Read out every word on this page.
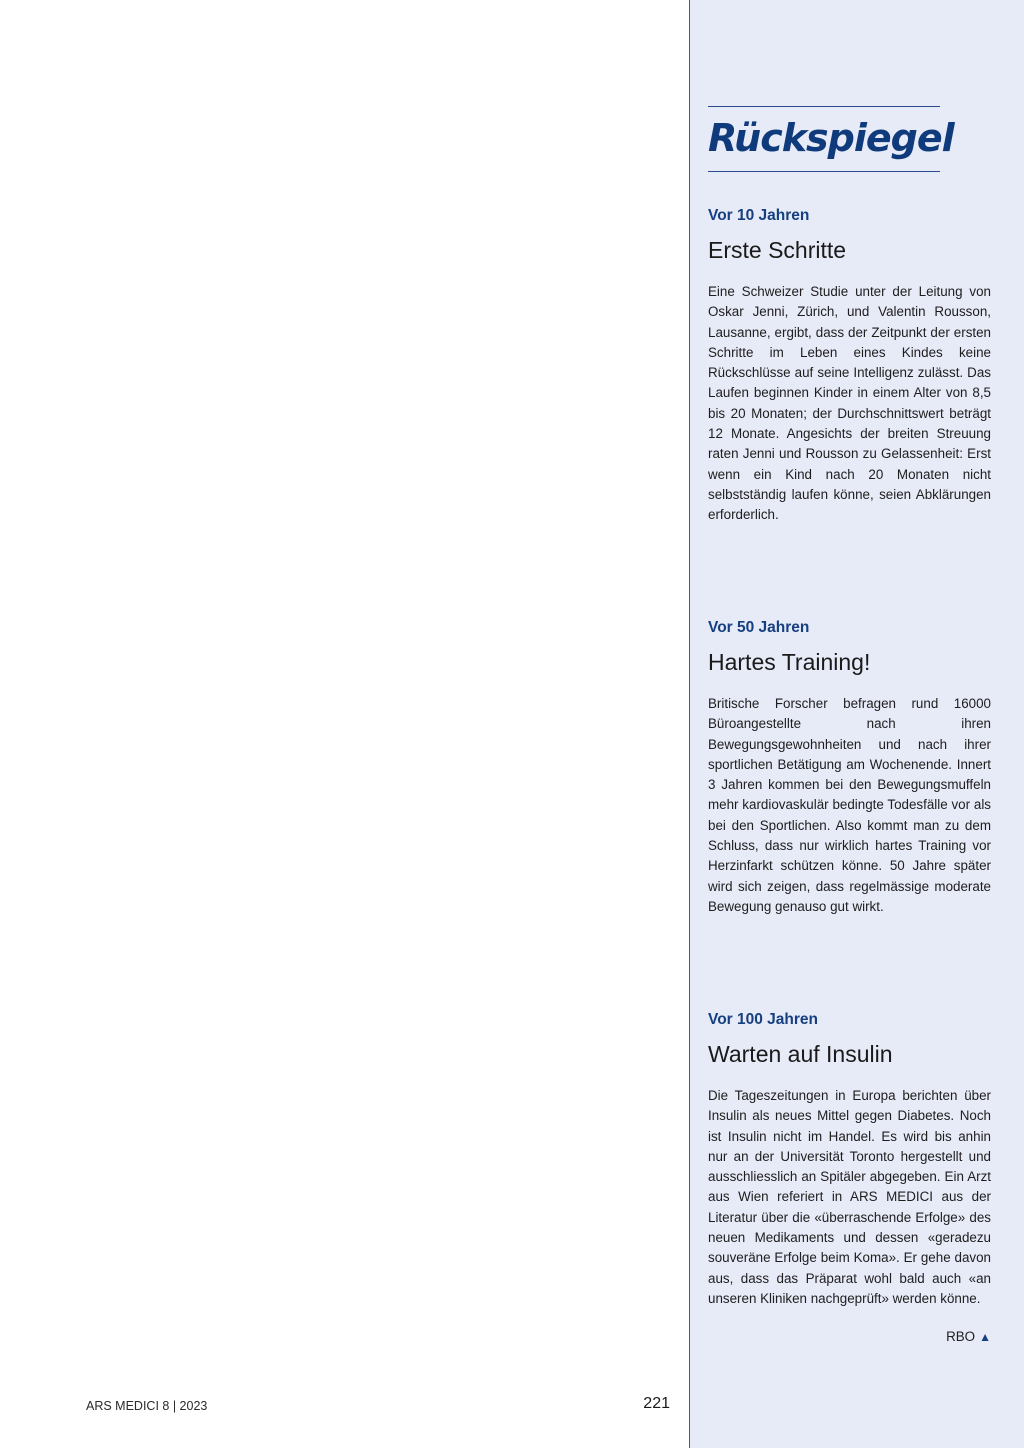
Rückspiegel
Vor 10 Jahren
Erste Schritte

Eine Schweizer Studie unter der Leitung von Oskar Jenni, Zürich, und Valentin Rousson, Lausanne, ergibt, dass der Zeitpunkt der ersten Schritte im Leben eines Kindes keine Rückschlüsse auf seine Intelligenz zulässt. Das Laufen beginnen Kinder in einem Alter von 8,5 bis 20 Monaten; der Durchschnittswert beträgt 12 Monate. Angesichts der breiten Streuung raten Jenni und Rousson zu Gelassenheit: Erst wenn ein Kind nach 20 Monaten nicht selbstständig laufen könne, seien Abklärungen erforderlich.

Vor 50 Jahren
Hartes Training!

Britische Forscher befragen rund 16000 Büroangestellte nach ihren Bewegungsgewohnheiten und nach ihrer sportlichen Betätigung am Wochenende. Innert 3 Jahren kommen bei den Bewegungsmuffeln mehr kardiovaskulär bedingte Todesfälle vor als bei den Sportlichen. Also kommt man zu dem Schluss, dass nur wirklich hartes Training vor Herzinfarkt schützen könne. 50 Jahre später wird sich zeigen, dass regelmässige moderate Bewegung genauso gut wirkt.

Vor 100 Jahren
Warten auf Insulin

Die Tageszeitungen in Europa berichten über Insulin als neues Mittel gegen Diabetes. Noch ist Insulin nicht im Handel. Es wird bis anhin nur an der Universität Toronto hergestellt und ausschliesslich an Spitäler abgegeben. Ein Arzt aus Wien referiert in ARS MEDICI aus der Literatur über die «überraschende Erfolge» des neuen Medikaments und dessen «geradezu souveräne Erfolge beim Koma». Er gehe davon aus, dass das Präparat wohl bald auch «an unseren Kliniken nachgeprüft» werden könne.

RBO ▲
ARS MEDICI 8 | 2023	221
